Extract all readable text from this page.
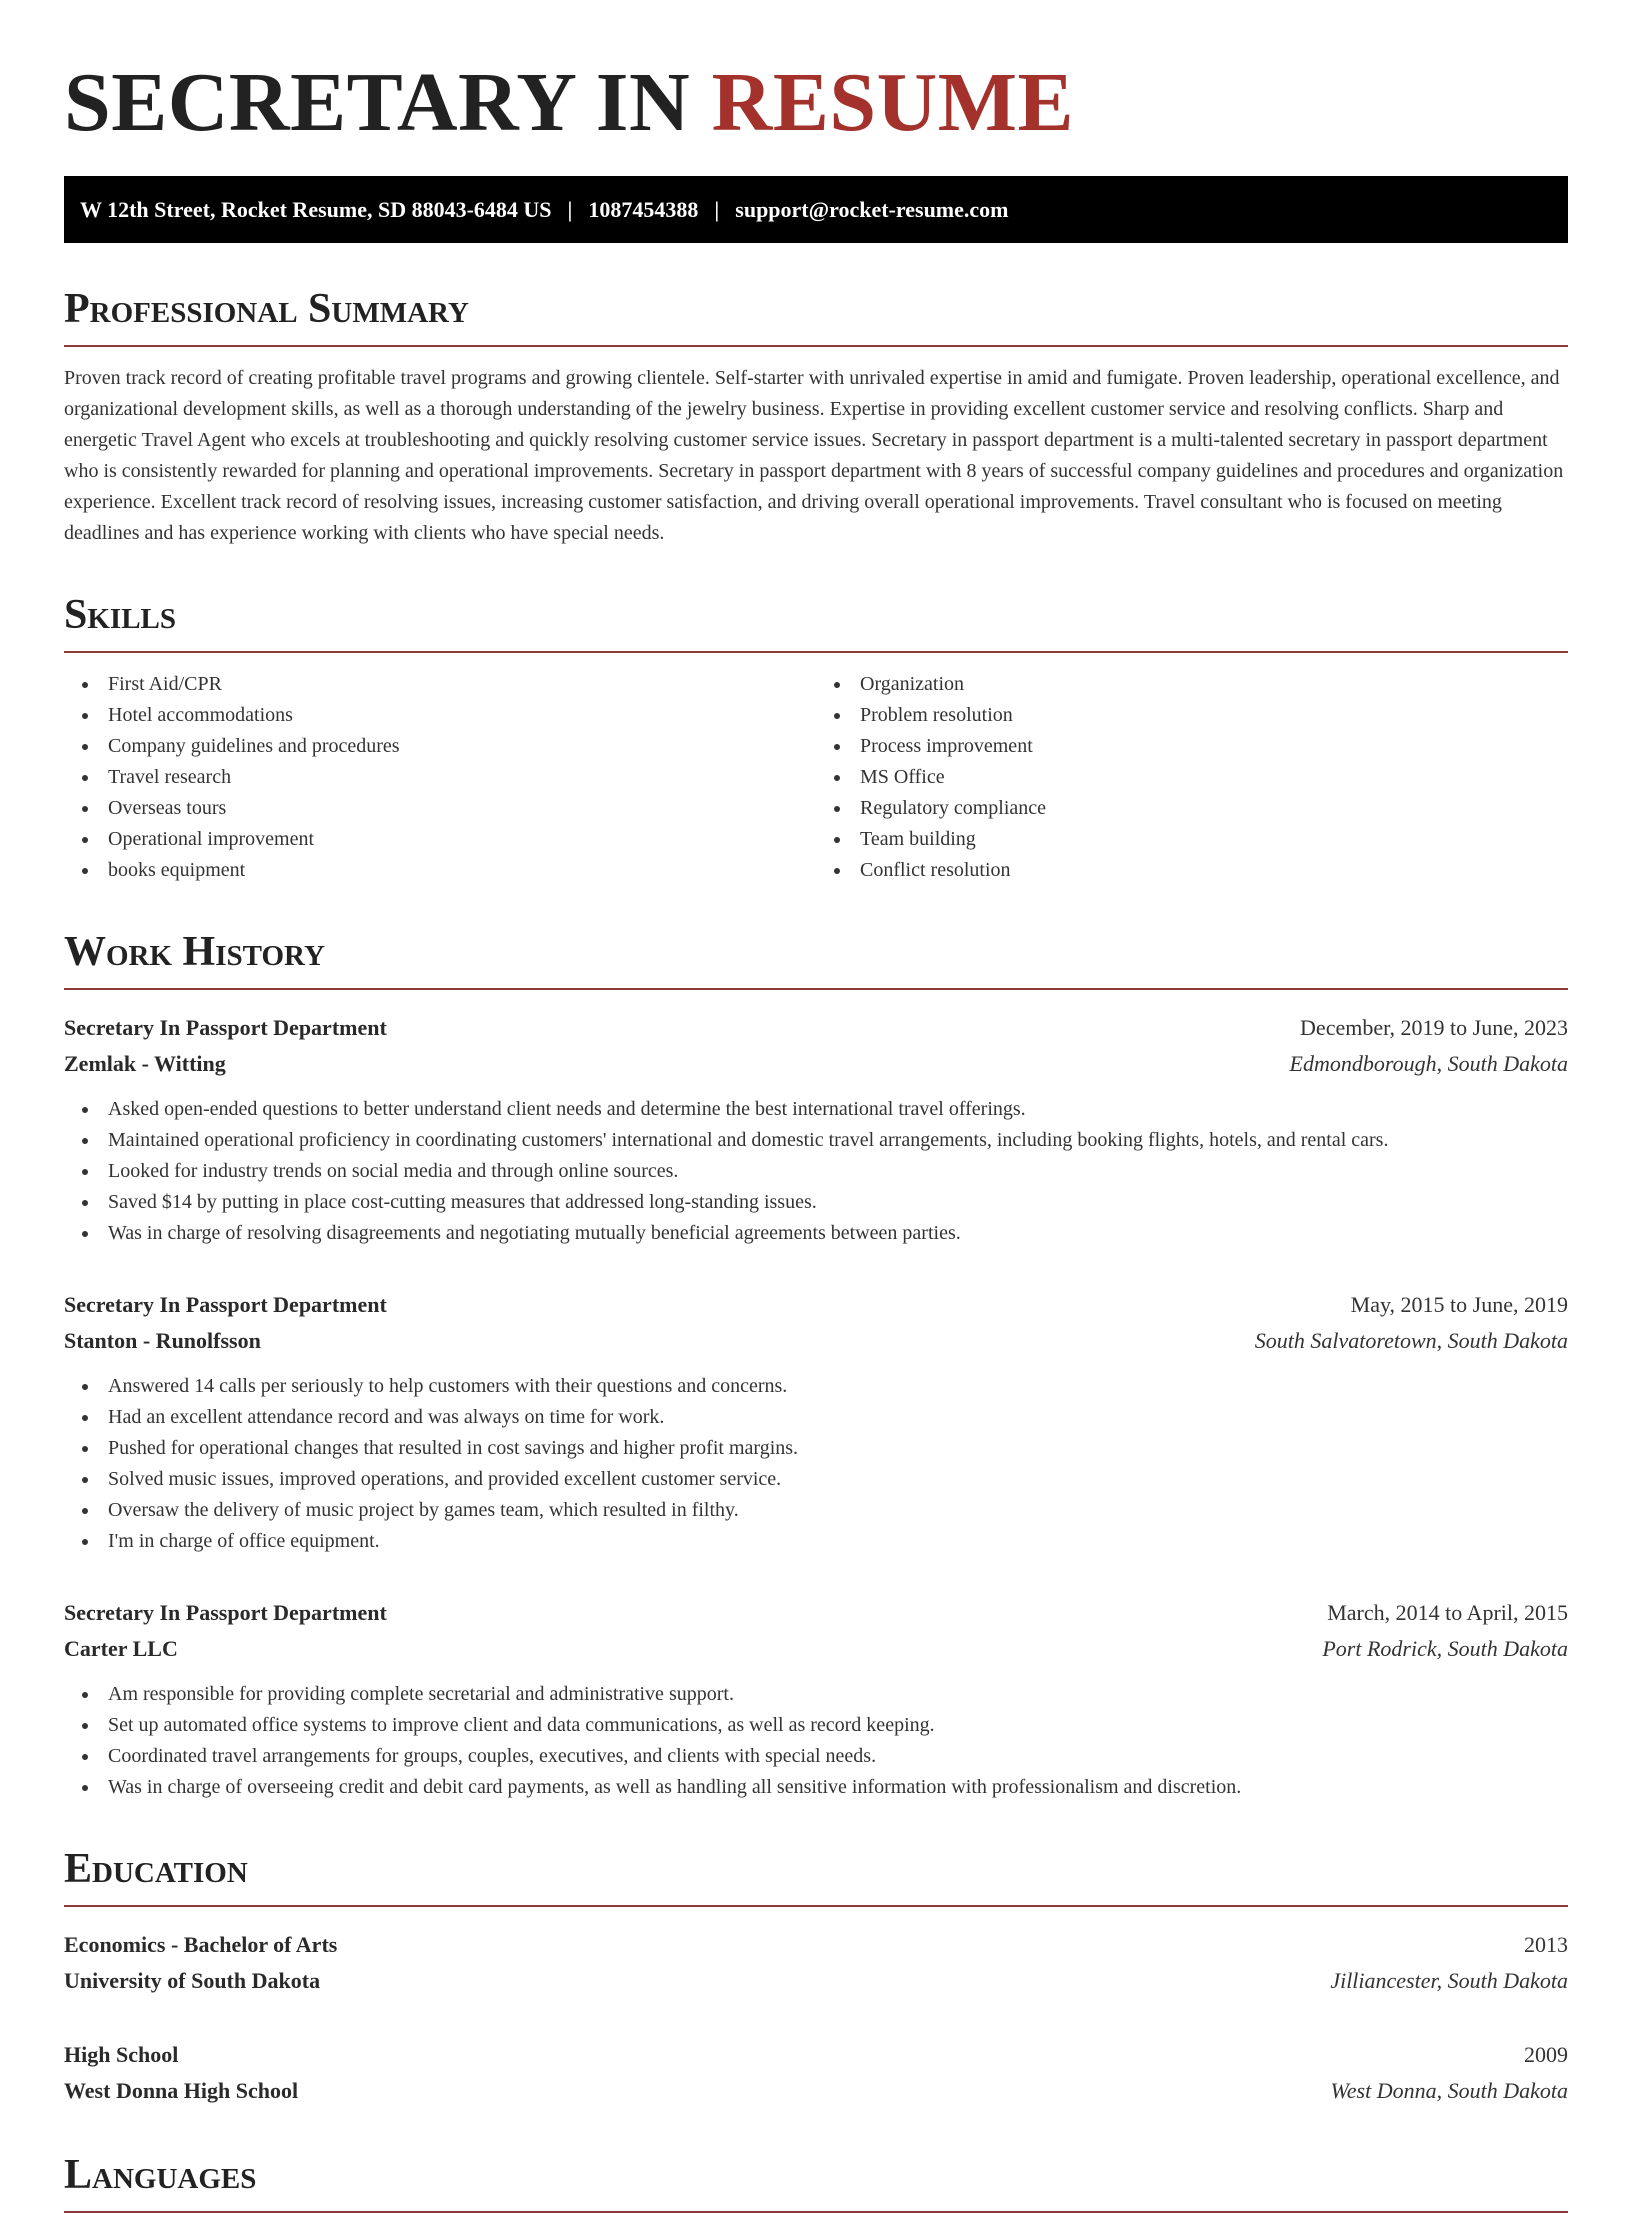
SECRETARY IN RESUME
W 12th Street, Rocket Resume, SD 88043-6484 US | 1087454388 | support@rocket-resume.com
Professional Summary

Proven track record of creating profitable travel programs and growing clientele. Self-starter with unrivaled expertise in amid and fumigate. Proven leadership, operational excellence, and organizational development skills, as well as a thorough understanding of the jewelry business. Expertise in providing excellent customer service and resolving conflicts. Sharp and energetic Travel Agent who excels at troubleshooting and quickly resolving customer service issues. Secretary in passport department is a multi-talented secretary in passport department who is consistently rewarded for planning and operational improvements. Secretary in passport department with 8 years of successful company guidelines and procedures and organization experience. Excellent track record of resolving issues, increasing customer satisfaction, and driving overall operational improvements. Travel consultant who is focused on meeting deadlines and has experience working with clients who have special needs.

Skills
First Aid/CPR
Hotel accommodations
Company guidelines and procedures
Travel research
Overseas tours
Operational improvement
books equipment
Organization
Problem resolution
Process improvement
MS Office
Regulatory compliance
Team building
Conflict resolution
Work History
Secretary In Passport Department	December, 2019 to June, 2023
Zemlak - Witting	Edmondborough, South Dakota
Asked open-ended questions to better understand client needs and determine the best international travel offerings.
Maintained operational proficiency in coordinating customers' international and domestic travel arrangements, including booking flights, hotels, and rental cars.
Looked for industry trends on social media and through online sources.
Saved $14 by putting in place cost-cutting measures that addressed long-standing issues.
Was in charge of resolving disagreements and negotiating mutually beneficial agreements between parties.
Secretary In Passport Department	May, 2015 to June, 2019
Stanton - Runolfsson	South Salvatoretown, South Dakota
Answered 14 calls per seriously to help customers with their questions and concerns.
Had an excellent attendance record and was always on time for work.
Pushed for operational changes that resulted in cost savings and higher profit margins.
Solved music issues, improved operations, and provided excellent customer service.
Oversaw the delivery of music project by games team, which resulted in filthy.
I'm in charge of office equipment.
Secretary In Passport Department	March, 2014 to April, 2015
Carter LLC	Port Rodrick, South Dakota
Am responsible for providing complete secretarial and administrative support.
Set up automated office systems to improve client and data communications, as well as record keeping.
Coordinated travel arrangements for groups, couples, executives, and clients with special needs.
Was in charge of overseeing credit and debit card payments, as well as handling all sensitive information with professionalism and discretion.
Education
Economics - Bachelor of Arts	2013
University of South Dakota	Jilliancester, South Dakota
High School	2009
West Donna High School	West Donna, South Dakota
Languages
